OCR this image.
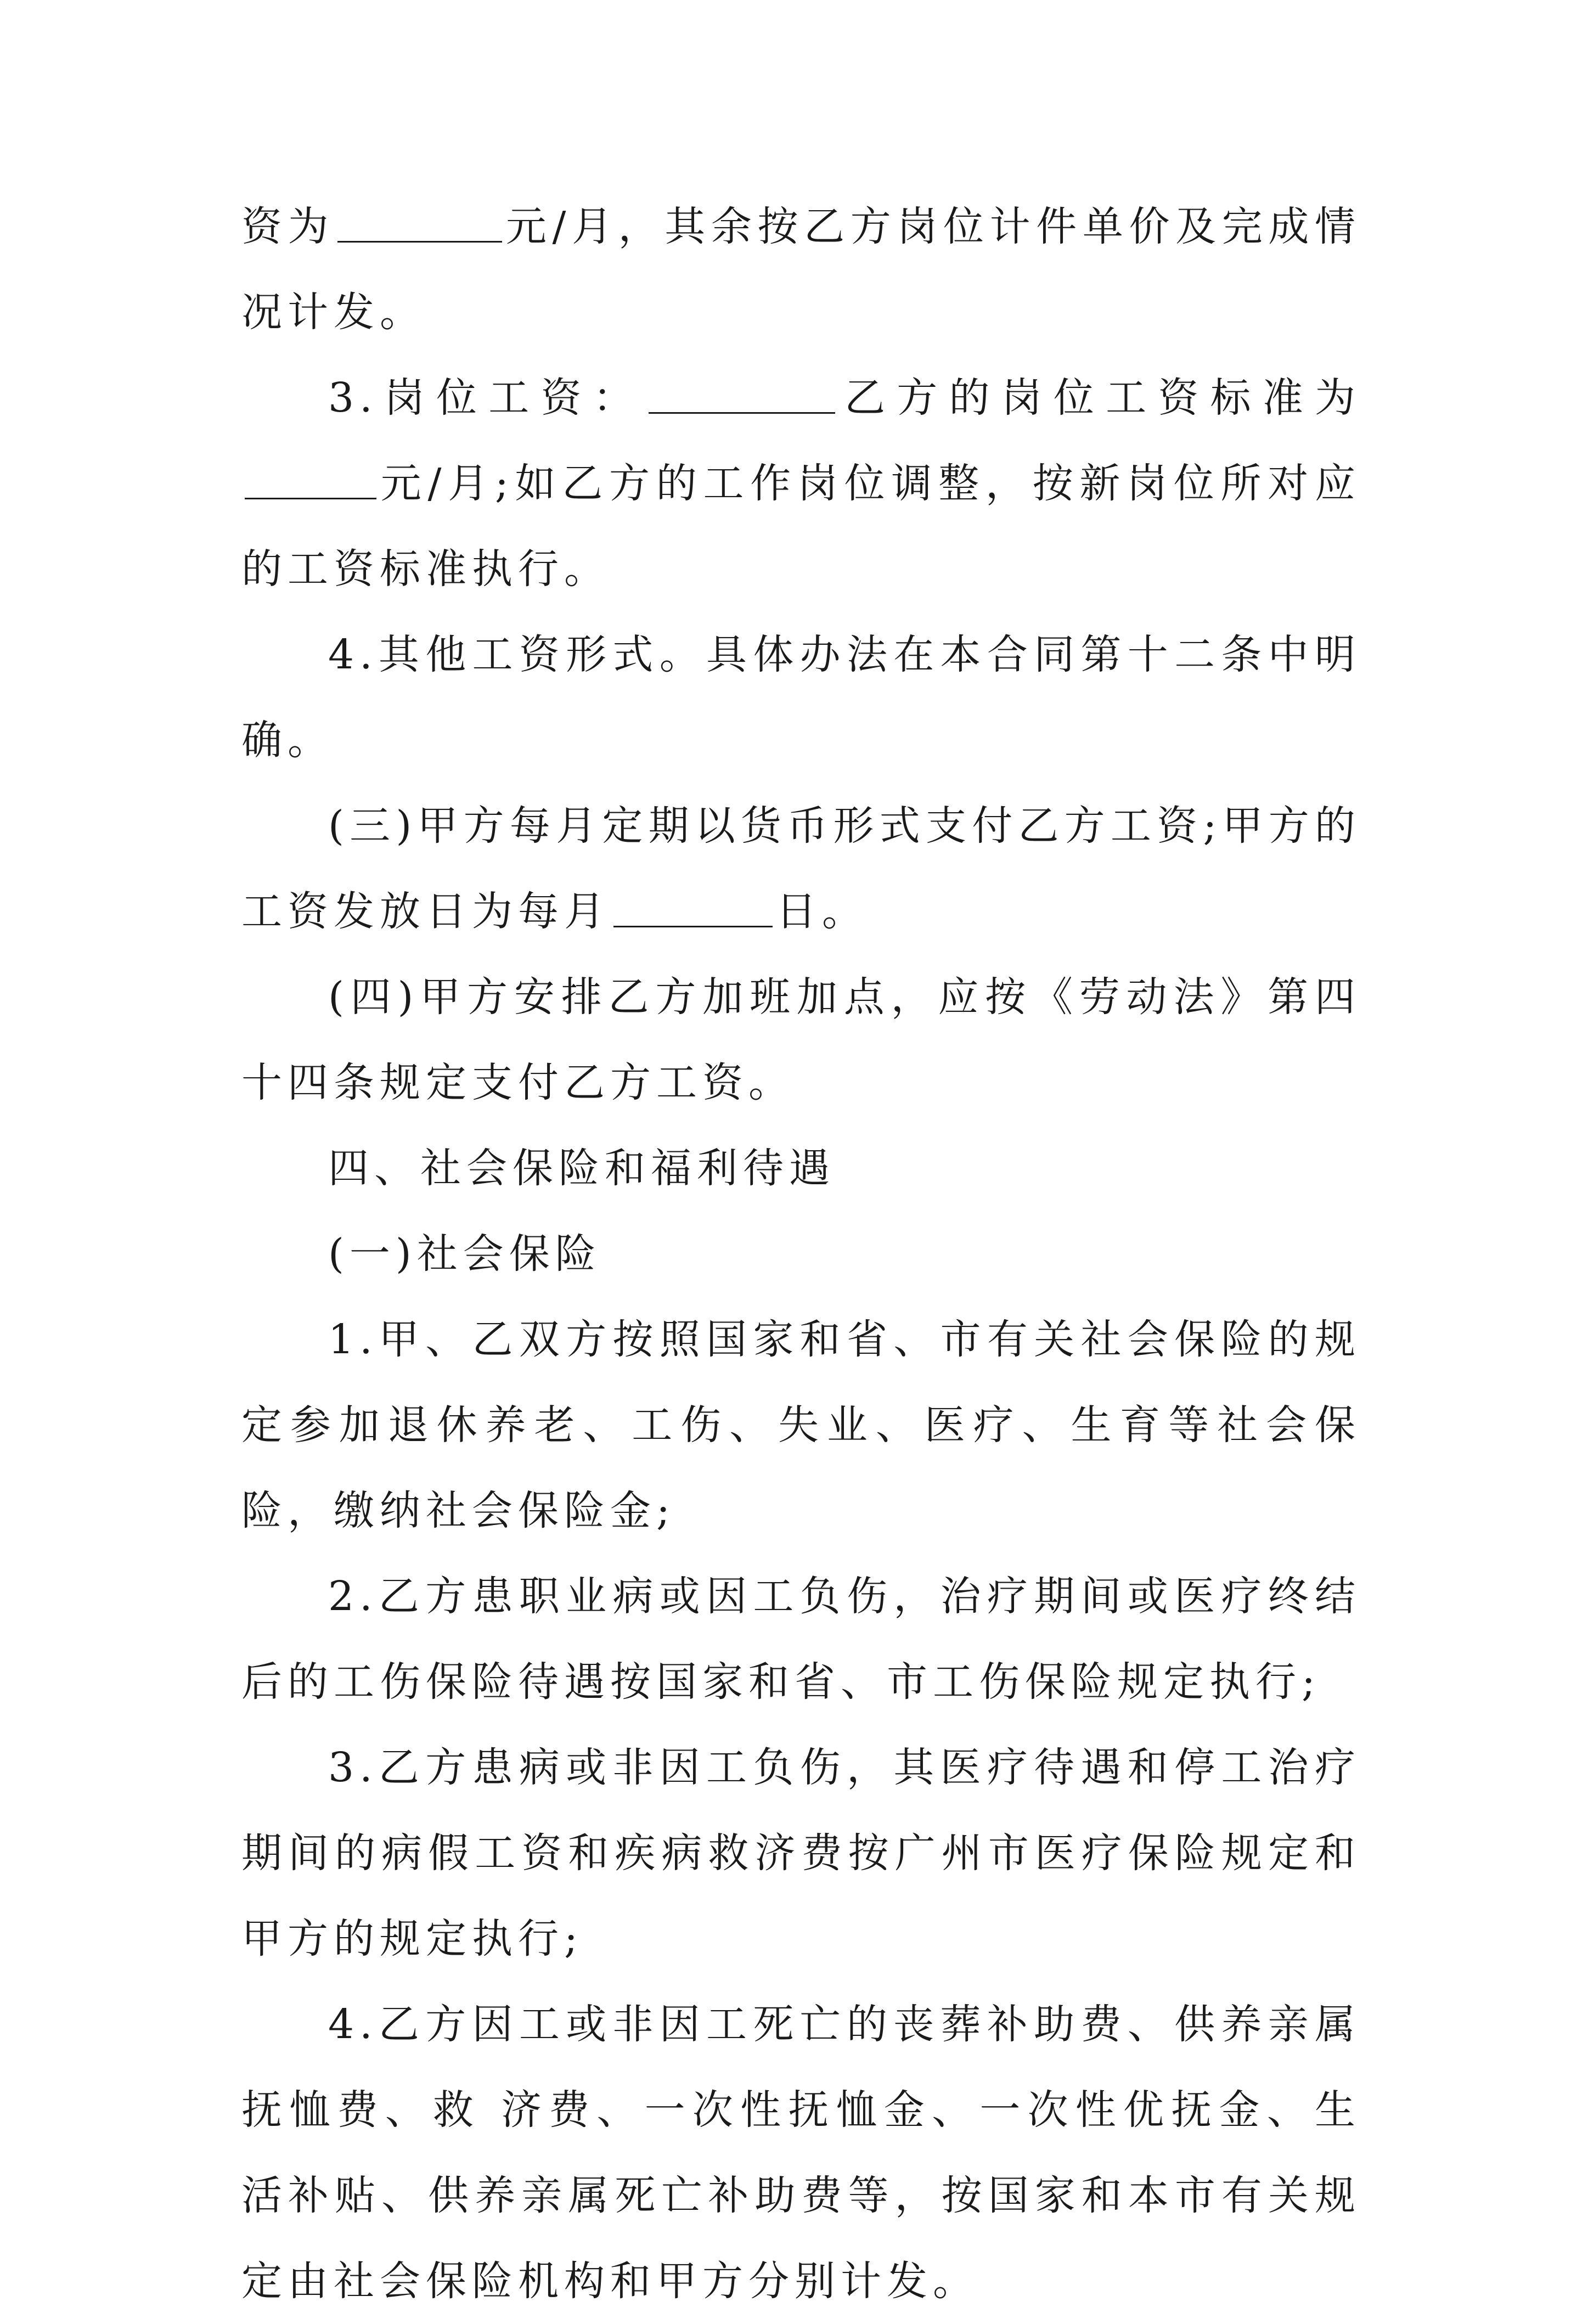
资为	元/月，其余按乙方岗位计件单价及完成情况计发。

3.岗位工资：	乙方的岗位工资标准为元/月;如乙方的工作岗位调整，按新岗位所对应的工资标准执行。

4.其他工资形式。具体办法在本合同第十二条中明确。

(三)甲方每月定期以货币形式支付乙方工资;甲方的工资发放日为每月	日。

(四)甲方安排乙方加班加点，应按《劳动法》第四十四条规定支付乙方工资。

四、社会保险和福利待遇

(一)社会保险

1.甲、乙双方按照国家和省、市有关社会保险的规定参加退休养老、工伤、失业、医疗、生育等社会保险，缴纳社会保险金;

2.乙方患职业病或因工负伤，治疗期间或医疗终结后的工伤保险待遇按国家和省、市工伤保险规定执行;

3.乙方患病或非因工负伤，其医疗待遇和停工治疗期间的病假工资和疾病救济费按广州市医疗保险规定和甲方的规定执行;

4.乙方因工或非因工死亡的丧葬补助费、供养亲属抚恤费、救 济费、一次性抚恤金、一次性优抚金、生活补贴、供养亲属死亡补助费等，按国家和本市有关规定由社会保险机构和甲方分别计发。
